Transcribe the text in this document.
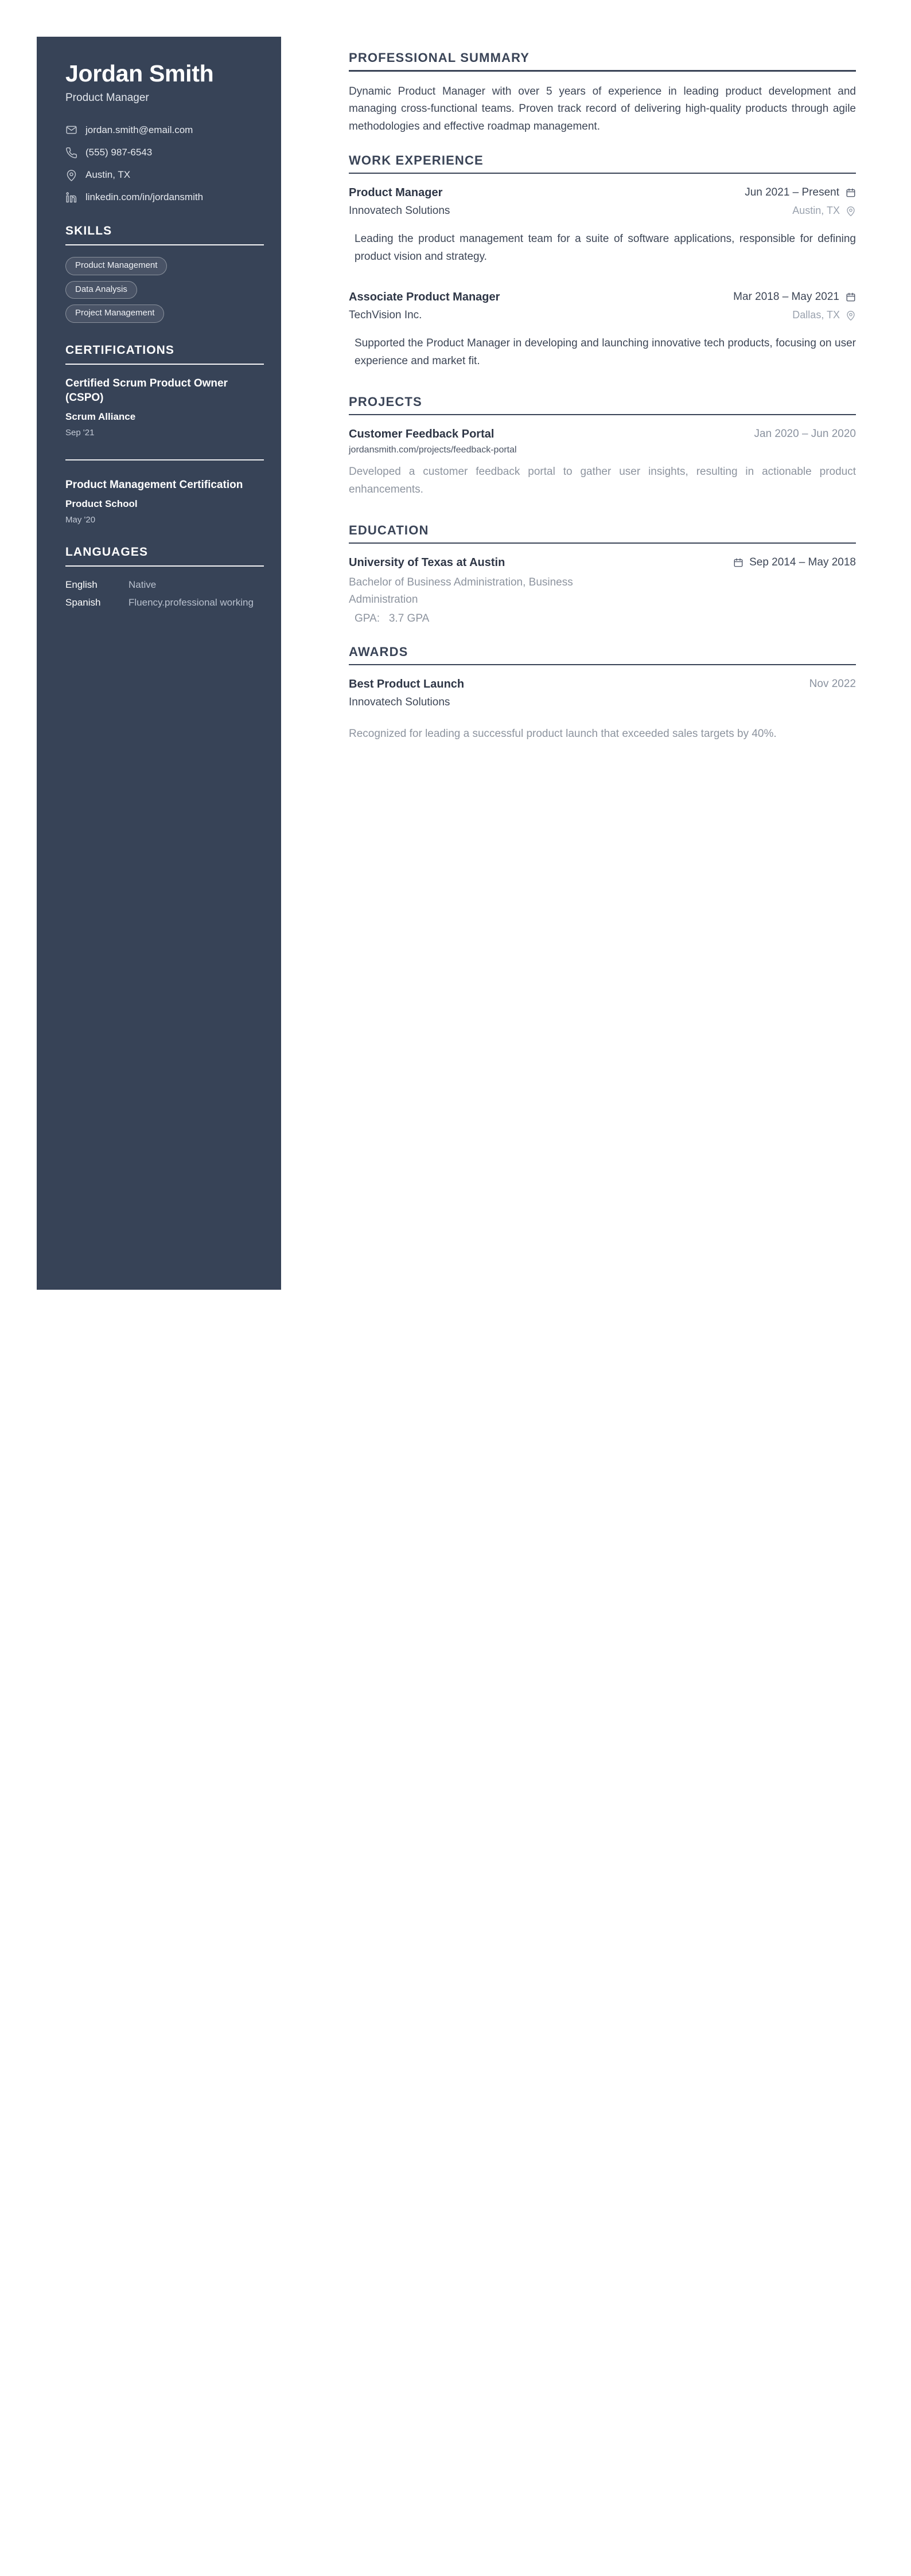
Jordan Smith
Product Manager
jordan.smith@email.com
(555) 987-6543
Austin, TX
linkedin.com/in/jordansmith
SKILLS
Product Management
Data Analysis
Project Management
CERTIFICATIONS
Certified Scrum Product Owner (CSPO)
Scrum Alliance
Sep '21
Product Management Certification
Product School
May '20
LANGUAGES
English	Native
Spanish	Fluency.professional working
PROFESSIONAL SUMMARY

Dynamic Product Manager with over 5 years of experience in leading product development and managing cross-functional teams. Proven track record of delivering high-quality products through agile methodologies and effective roadmap management.

WORK EXPERIENCE
Product Manager	Jun 2021 – Present
Innovatech Solutions	Austin, TX

Leading the product management team for a suite of software applications, responsible for defining product vision and strategy.

Associate Product Manager	Mar 2018 – May 2021
TechVision Inc.	Dallas, TX

Supported the Product Manager in developing and launching innovative tech products, focusing on user experience and market fit.

PROJECTS
Customer Feedback Portal	Jan 2020 – Jun 2020
jordansmith.com/projects/feedback-portal

Developed a customer feedback portal to gather user insights, resulting in actionable product enhancements.

EDUCATION
University of Texas at Austin	Sep 2014 – May 2018
Bachelor of Business Administration, Business Administration
GPA: 3.7 GPA
AWARDS
Best Product Launch	Nov 2022
Innovatech Solutions

Recognized for leading a successful product launch that exceeded sales targets by 40%.
